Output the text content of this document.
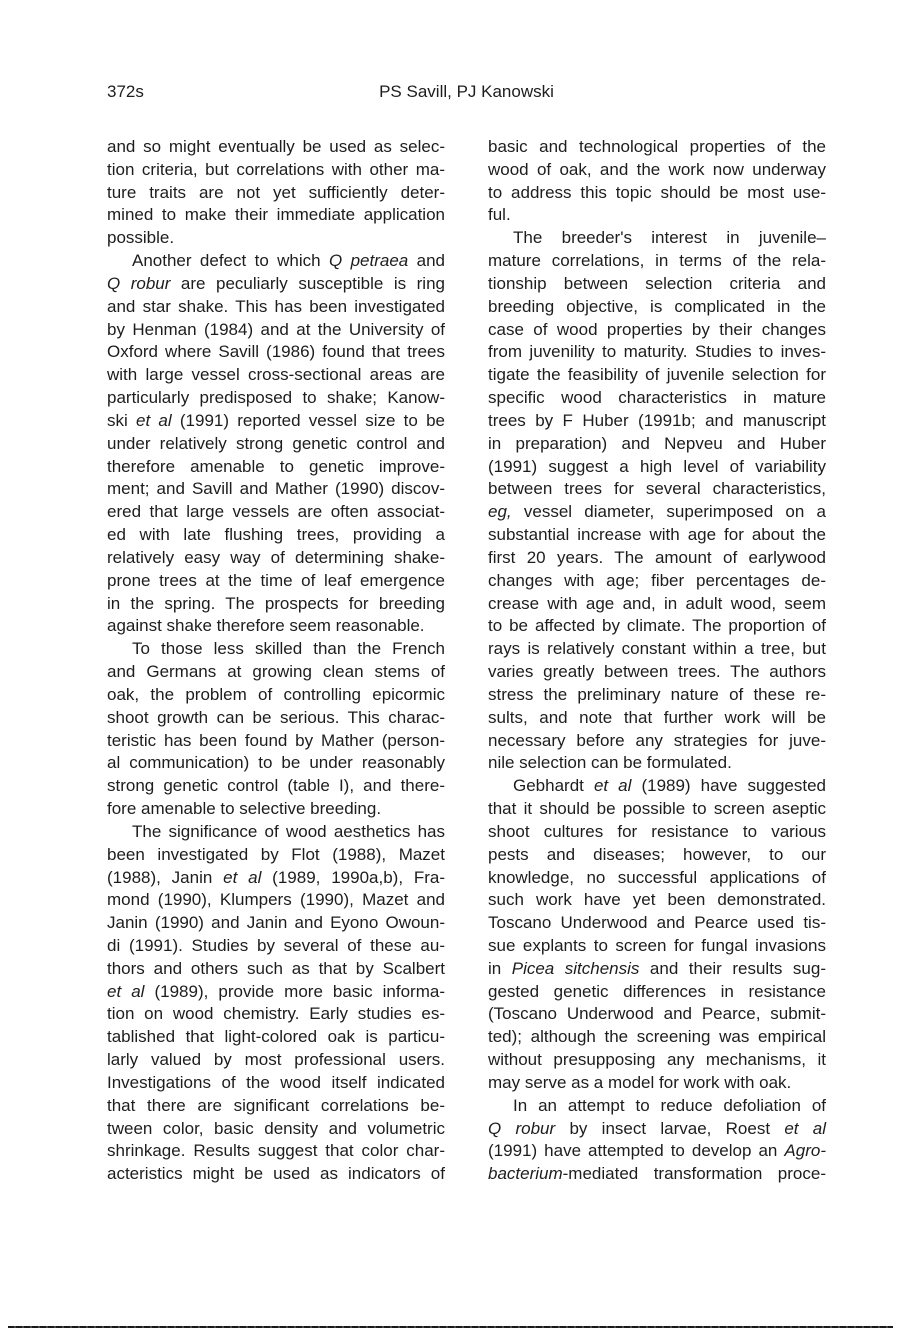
372s	PS Savill, PJ Kanowski
and so might eventually be used as selec-
tion criteria, but correlations with other ma-
ture traits are not yet sufficiently deter-
mined to make their immediate application
possible.
Another defect to which Q petraea and
Q robur are peculiarly susceptible is ring
and star shake. This has been investigated
by Henman (1984) and at the University of
Oxford where Savill (1986) found that trees
with large vessel cross-sectional areas are
particularly predisposed to shake; Kanow-
ski et al (1991) reported vessel size to be
under relatively strong genetic control and
therefore amenable to genetic improve-
ment; and Savill and Mather (1990) discov-
ered that large vessels are often associat-
ed with late flushing trees, providing a
relatively easy way of determining shake-
prone trees at the time of leaf emergence
in the spring. The prospects for breeding
against shake therefore seem reasonable.
To those less skilled than the French
and Germans at growing clean stems of
oak, the problem of controlling epicormic
shoot growth can be serious. This charac-
teristic has been found by Mather (person-
al communication) to be under reasonably
strong genetic control (table I), and there-
fore amenable to selective breeding.
The significance of wood aesthetics has
been investigated by Flot (1988), Mazet
(1988), Janin et al (1989, 1990a,b), Fra-
mond (1990), Klumpers (1990), Mazet and
Janin (1990) and Janin and Eyono Owoun-
di (1991). Studies by several of these au-
thors and others such as that by Scalbert
et al (1989), provide more basic informa-
tion on wood chemistry. Early studies es-
tablished that light-colored oak is particu-
larly valued by most professional users.
Investigations of the wood itself indicated
that there are significant correlations be-
tween color, basic density and volumetric
shrinkage. Results suggest that color char-
acteristics might be used as indicators of
basic and technological properties of the
wood of oak, and the work now underway
to address this topic should be most use-
ful.
The breeder's interest in juvenile–
mature correlations, in terms of the rela-
tionship between selection criteria and
breeding objective, is complicated in the
case of wood properties by their changes
from juvenility to maturity. Studies to inves-
tigate the feasibility of juvenile selection for
specific wood characteristics in mature
trees by F Huber (1991b; and manuscript
in preparation) and Nepveu and Huber
(1991) suggest a high level of variability
between trees for several characteristics,
eg, vessel diameter, superimposed on a
substantial increase with age for about the
first 20 years. The amount of earlywood
changes with age; fiber percentages de-
crease with age and, in adult wood, seem
to be affected by climate. The proportion of
rays is relatively constant within a tree, but
varies greatly between trees. The authors
stress the preliminary nature of these re-
sults, and note that further work will be
necessary before any strategies for juve-
nile selection can be formulated.
Gebhardt et al (1989) have suggested
that it should be possible to screen aseptic
shoot cultures for resistance to various
pests and diseases; however, to our
knowledge, no successful applications of
such work have yet been demonstrated.
Toscano Underwood and Pearce used tis-
sue explants to screen for fungal invasions
in Picea sitchensis and their results sug-
gested genetic differences in resistance
(Toscano Underwood and Pearce, submit-
ted); although the screening was empirical
without presupposing any mechanisms, it
may serve as a model for work with oak.
In an attempt to reduce defoliation of
Q robur by insect larvae, Roest et al
(1991) have attempted to develop an Agro-
bacterium-mediated transformation proce-
